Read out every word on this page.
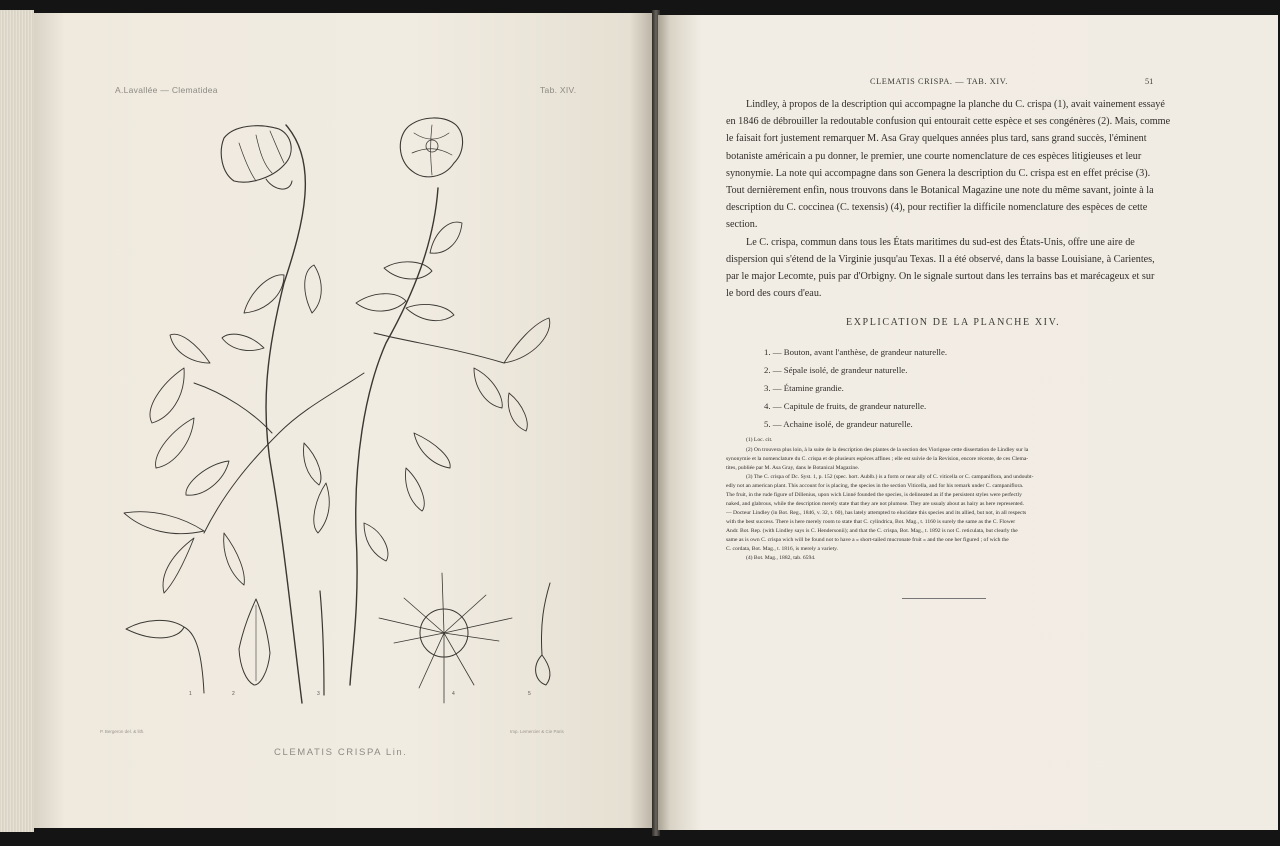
A.Lavallée — Clematidea	Tab. XIV.
1	2	3	4	5
P. Bergeron del. & lith.	Imp. Lemercier & Cie Paris
CLEMATIS CRISPA Lin.
CLEMATIS CRISPA. — TAB. XIV.	51
Lindley, à propos de la description qui accompagne la planche du C. crispa (1), avait vainement essayé
en 1846 de débrouiller la redoutable confusion qui entourait cette espèce et ses congénères (2). Mais, comme
le faisait fort justement remarquer M. Asa Gray quelques années plus tard, sans grand succès, l'éminent
botaniste américain a pu donner, le premier, une courte nomenclature de ces espèces litigieuses et leur
synonymie. La note qui accompagne dans son Genera la description du C. crispa est en effet précise (3).
Tout dernièrement enfin, nous trouvons dans le Botanical Magazine une note du même savant, jointe à la
description du C. coccinea (C. texensis) (4), pour rectifier la difficile nomenclature des espèces de cette
section.
Le C. crispa, commun dans tous les États maritimes du sud-est des États-Unis, offre une aire de
dispersion qui s'étend de la Virginie jusqu'au Texas. Il a été observé, dans la basse Louisiane, à Carientes,
par le major Lecomte, puis par d'Orbigny. On le signale surtout dans les terrains bas et marécageux et sur
le bord des cours d'eau.
EXPLICATION DE LA PLANCHE XIV.
1. — Bouton, avant l'anthèse, de grandeur naturelle.
2. — Sépale isolé, de grandeur naturelle.
3. — Étamine grandie.
4. — Capitule de fruits, de grandeur naturelle.
5. — Achaine isolé, de grandeur naturelle.
(1) Loc. cit.
(2) On trouvera plus loin, à la suite de la description des plantes de la section des Viorigeae cette dissertation de Lindley sur la
synonymie et la nomenclature du C. crispa et de plusieurs espèces affines ; elle est suivie de la Revision, encore récente, de ces Clema-
tites, publiée par M. Asa Gray, dans le Botanical Magazine.
(3) The C. crispa of Dc. Syst. 1, p. 152 (spec. hort. Aublb.) is a form or near ally of C. viticella or C. campaniflora, and undoubt-
edly not an american plant. This account for is placing, the species in the section Viticella, and for his remark under C. campaniflora.
The fruit, in the rude figure of Dillenius, upon wich Linné founded the species, is delineated as if the persistent styles were perfectly
naked, and glabrous, while the description merely state that they are not plumose. They are usualy about as hairy as here represented.
— Docteur Lindley (in Bot. Reg., 1846, v. 32, t. 60), has lately attempted to elucidate this species and its allied, but not, in all respects
with the best success. There is here merely room to state that C. cylindrica, Bot. Mag., t. 1160 is surely the same as the C. Flower
Andr. Bot. Rep. (with Lindley says is C. Hendersonii); and that the C. crispa, Bot. Mag., t. 1892 is not C. reticulata, but clearly the
same as is own C. crispa wich will be found not to have a « short-tailed mucronate fruit » and the one her figured ; of wich the
C. cordata, Bot. Mag., t. 1816, is merely a variety.
(4) Bot. Mag., 1882, tab. 6594.
